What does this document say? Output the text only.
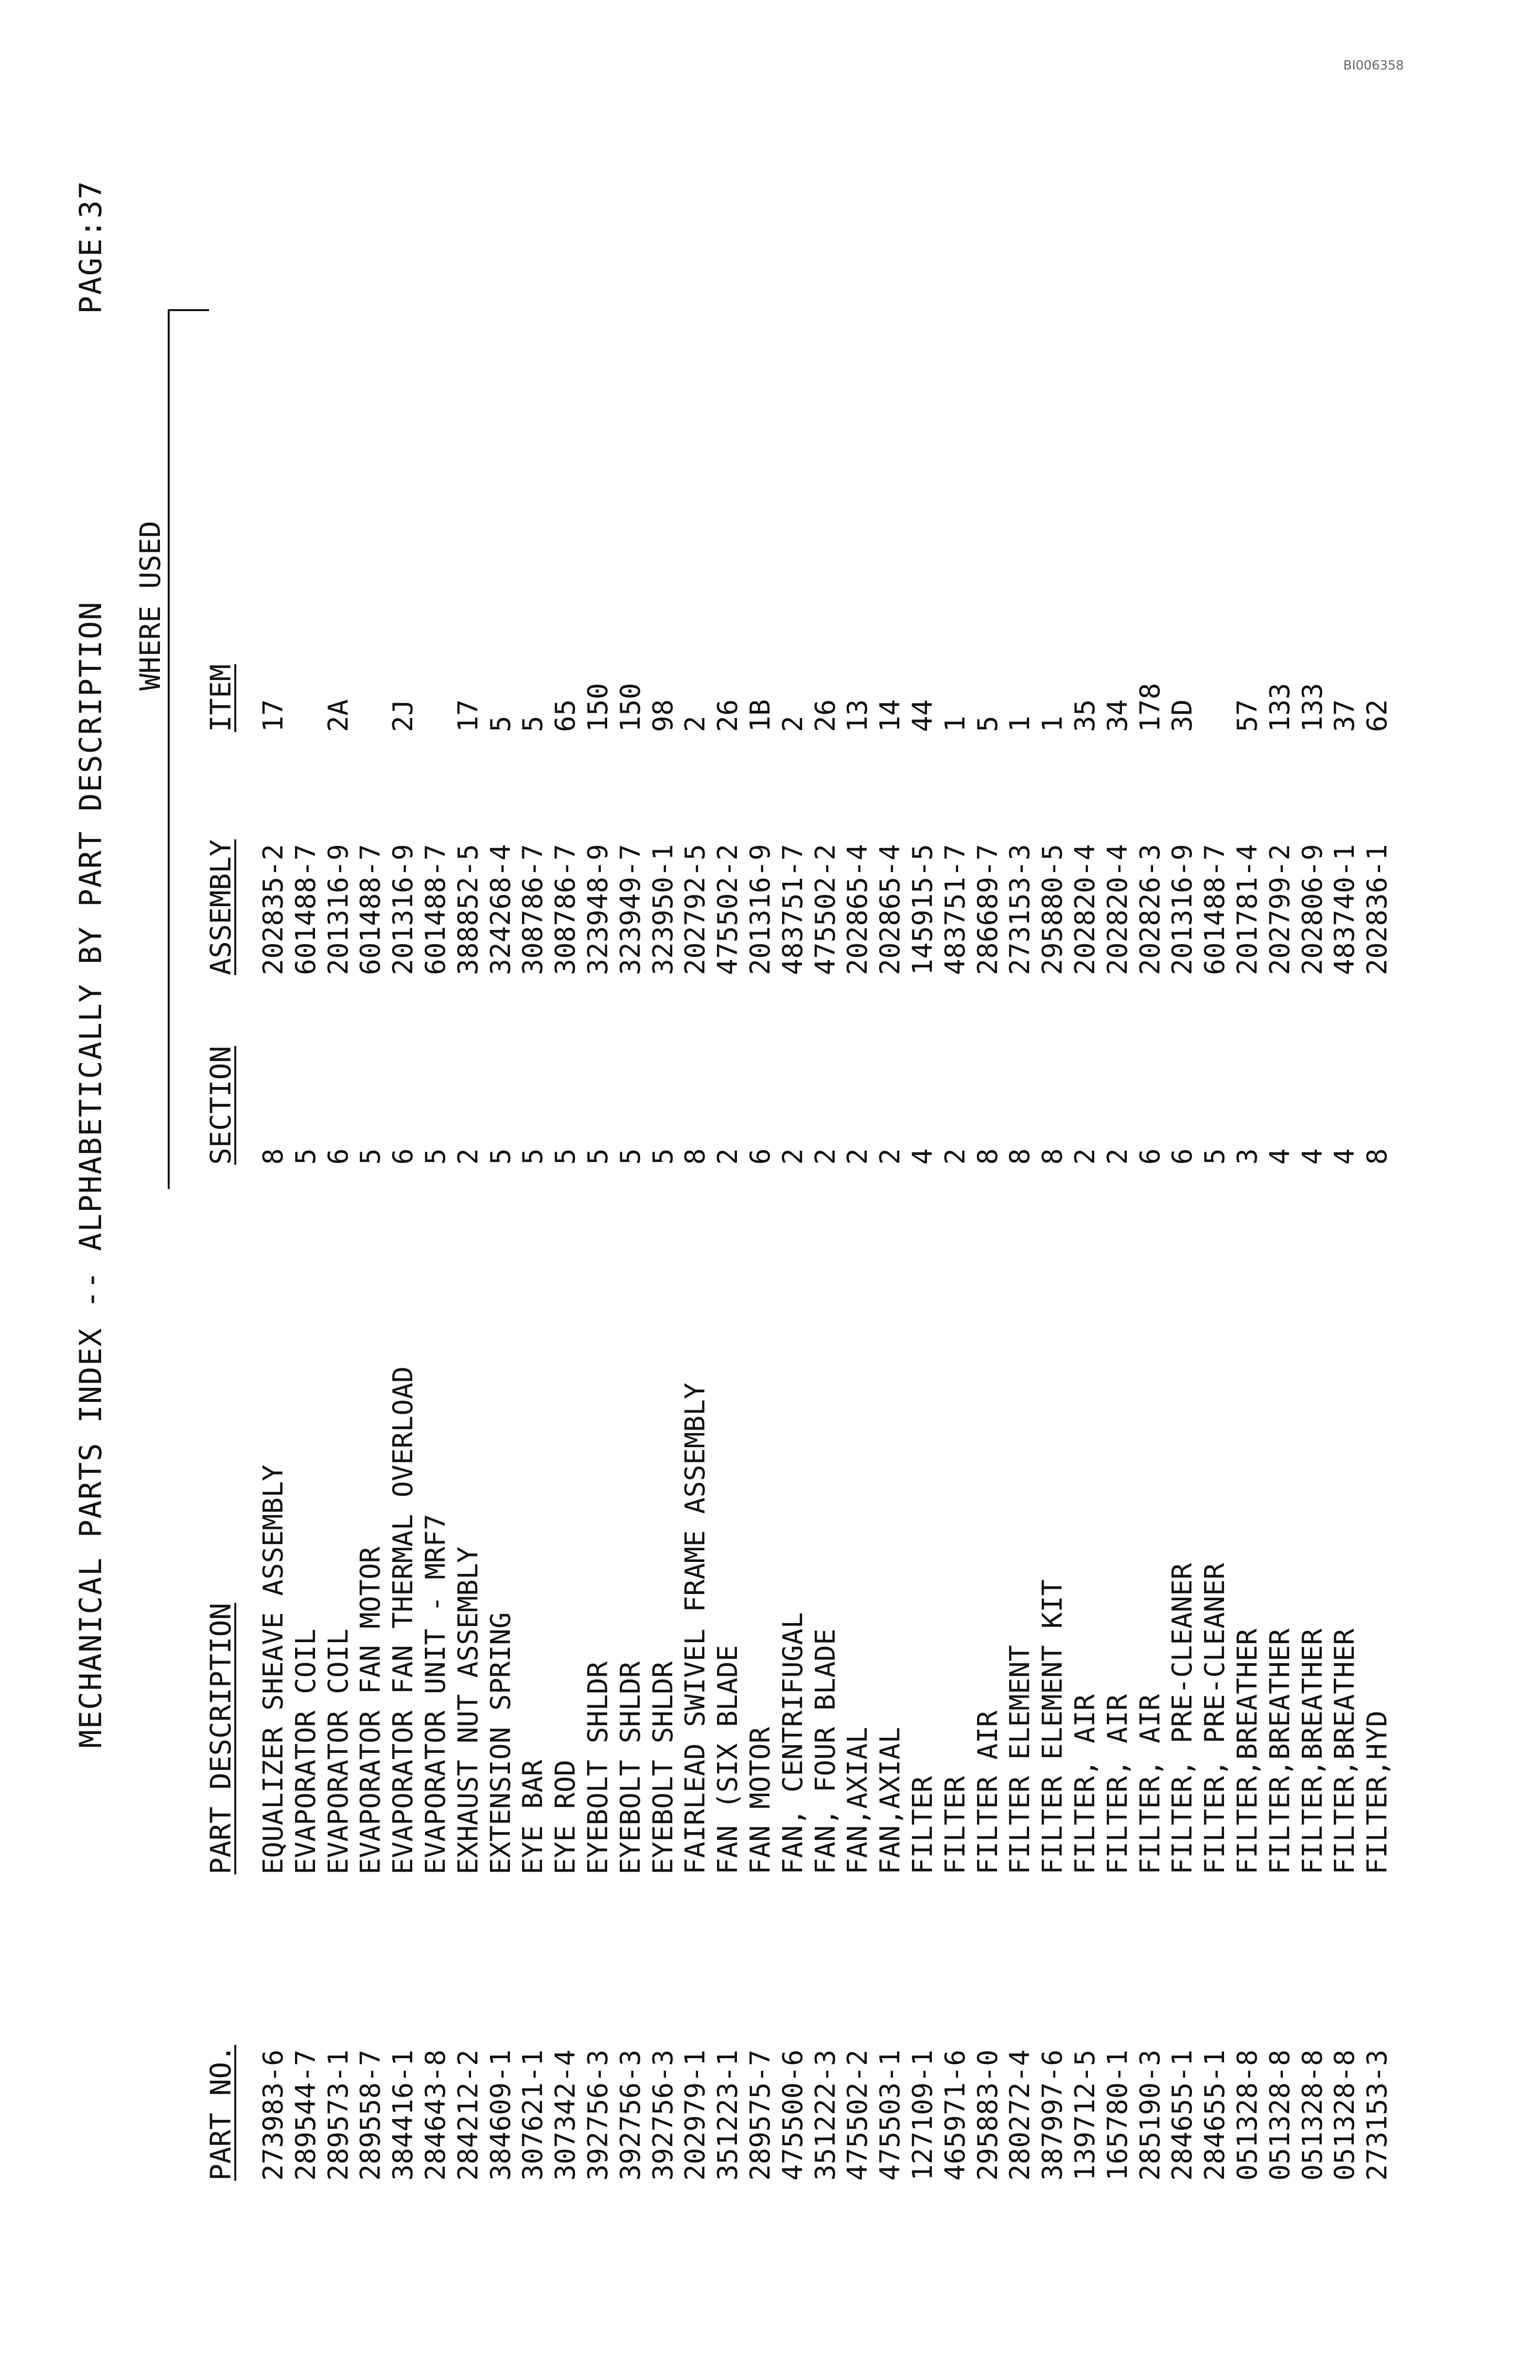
BI006358
MECHANICAL PARTS INDEX -- ALPHABETICALLY BY PART DESCRIPTION
PAGE:37
WHERE USED
PART NO.
PART DESCRIPTION
SECTION
ASSEMBLY
ITEM
273983-6
EQUALIZER SHEAVE ASSEMBLY
8
202835-2
17
289544-7
EVAPORATOR COIL
5
601488-7
289573-1
EVAPORATOR COIL
6
201316-9
2A
289558-7
EVAPORATOR FAN MOTOR
5
601488-7
384416-1
EVAPORATOR FAN THERMAL OVERLOAD
6
201316-9
2J
284643-8
EVAPORATOR UNIT - MRF7
5
601488-7
284212-2
EXHAUST NUT ASSEMBLY
2
388852-5
17
384609-1
EXTENSION SPRING
5
324268-4
5
307621-1
EYE BAR
5
308786-7
5
307342-4
EYE ROD
5
308786-7
65
392756-3
EYEBOLT SHLDR
5
323948-9
150
392756-3
EYEBOLT SHLDR
5
323949-7
150
392756-3
EYEBOLT SHLDR
5
323950-1
98
202979-1
FAIRLEAD SWIVEL FRAME ASSEMBLY
8
202792-5
2
351223-1
FAN (SIX BLADE
2
475502-2
26
289575-7
FAN MOTOR
6
201316-9
1B
475500-6
FAN, CENTRIFUGAL
2
483751-7
2
351222-3
FAN, FOUR BLADE
2
475502-2
26
475502-2
FAN,AXIAL
2
202865-4
13
475503-1
FAN,AXIAL
2
202865-4
14
127109-1
FILTER
4
145915-5
44
465971-6
FILTER
2
483751-7
1
295883-0
FILTER AIR
8
286689-7
5
280272-4
FILTER ELEMENT
8
273153-3
1
387997-6
FILTER ELEMENT KIT
8
295880-5
1
139712-5
FILTER, AIR
2
202820-4
35
165780-1
FILTER, AIR
2
202820-4
34
285190-3
FILTER, AIR
6
202826-3
178
284655-1
FILTER, PRE-CLEANER
6
201316-9
3D
284655-1
FILTER, PRE-CLEANER
5
601488-7
051328-8
FILTER,BREATHER
3
201781-4
57
051328-8
FILTER,BREATHER
4
202799-2
133
051328-8
FILTER,BREATHER
4
202806-9
133
051328-8
FILTER,BREATHER
4
483740-1
37
273153-3
FILTER,HYD
8
202836-1
62
